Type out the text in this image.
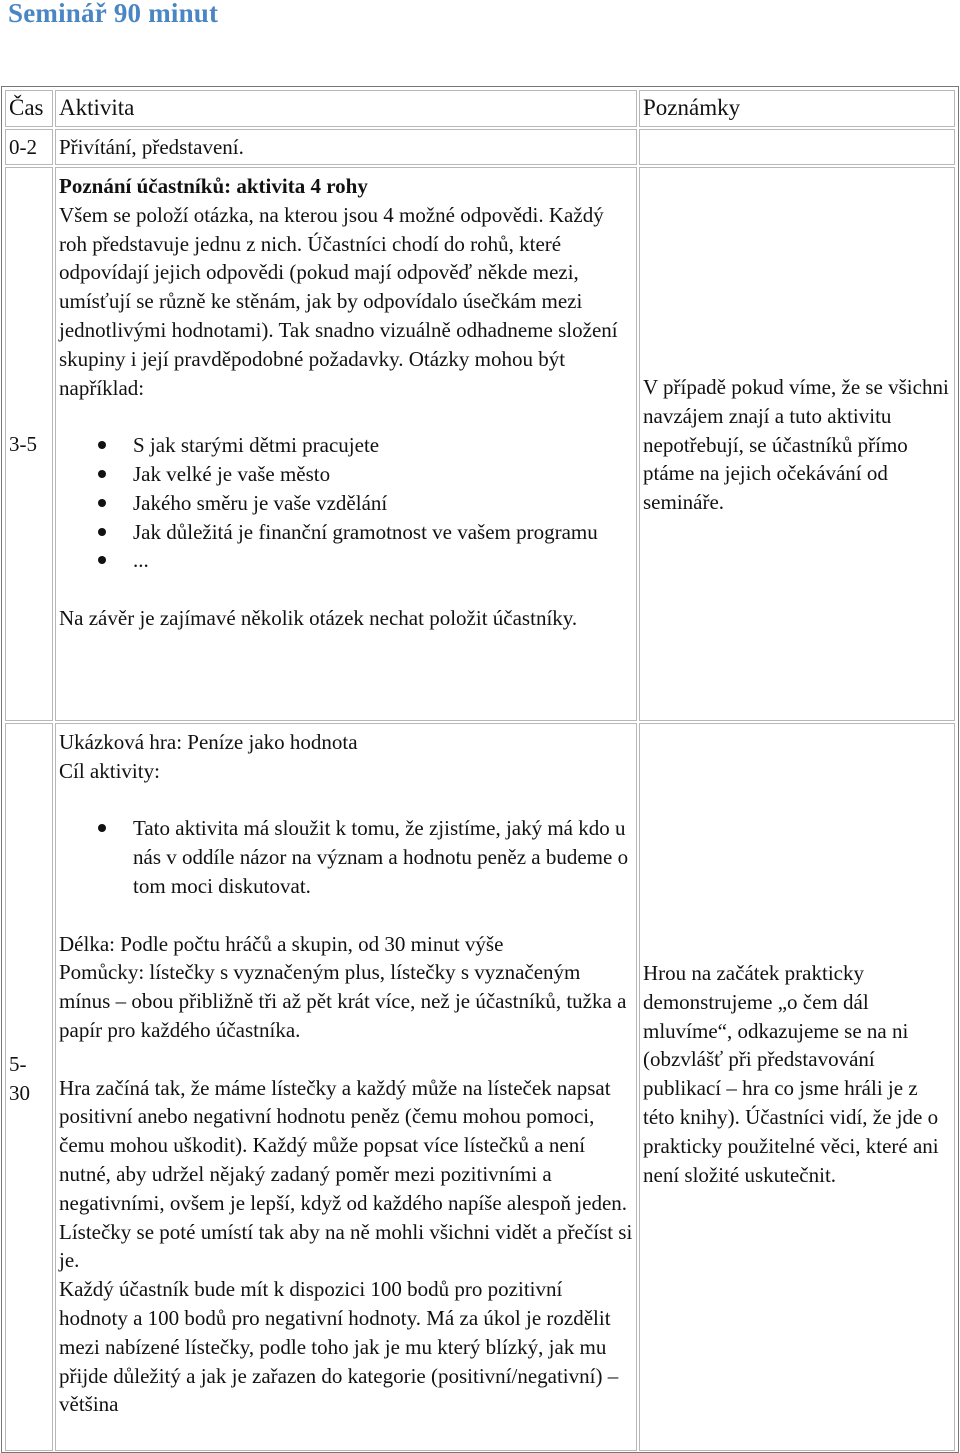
Seminář 90 minut
Čas Aktivita	Poznámky
0-2	Přivítání, představení.
3-5

Poznání účastníků: aktivita 4 rohy

Všem se položí otázka, na kterou jsou 4 možné odpovědi. Každý roh představuje jednu z nich. Účastníci chodí do rohů, které odpovídají jejich odpovědi (pokud mají odpověď někde mezi, umísťují se různě ke stěnám, jak by odpovídalo úsečkám mezi jednotlivými hodnotami). Tak snadno vizuálně odhadneme složení skupiny i její pravděpodobné požadavky. Otázky mohou být například:

S jak starými dětmi pracujete
Jak velké je vaše město
Jakého směru je vaše vzdělání
Jak důležitá je finanční gramotnost ve vašem programu
...

Na závěr je zajímavé několik otázek nechat položit účastníky.

V případě pokud víme, že se všichni navzájem znají a tuto aktivitu nepotřebují, se účastníků přímo ptáme na jejich očekávání od semináře.
5-
30

Ukázková hra: Peníze jako hodnota

Cíl aktivity:

Tato aktivita má sloužit k tomu, že zjistíme, jaký má kdo u nás v oddíle názor na význam a hodnotu peněz a budeme o tom moci diskutovat.

Délka: Podle počtu hráčů a skupin, od 30 minut výše

Pomůcky: lístečky s vyznačeným plus, lístečky s vyznačeným mínus – obou přibližně tři až pět krát více, než je účastníků, tužka a papír pro každého účastníka.

Hra začíná tak, že máme lístečky a každý může na lísteček napsat positivní anebo negativní hodnotu peněz (čemu mohou pomoci, čemu mohou uškodit). Každý může popsat více lístečků a není nutné, aby udržel nějaký zadaný poměr mezi pozitivními a negativními, ovšem je lepší, když od každého napíše alespoň jeden. Lístečky se poté umístí tak aby na ně mohli všichni vidět a přečíst si je.

Každý účastník bude mít k dispozici 100 bodů pro pozitivní hodnoty a 100 bodů pro negativní hodnoty. Má za úkol je rozdělit mezi nabízené lístečky, podle toho jak je mu který blízký, jak mu přijde důležitý a jak je zařazen do kategorie (positivní/negativní) – většina

Hrou na začátek prakticky demonstrujeme „o čem dál mluvíme“, odkazujeme se na ni (obzvlášť při představování publikací – hra co jsme hráli je z této knihy). Účastníci vidí, že jde o prakticky použitelné věci, které ani není složité uskutečnit.
